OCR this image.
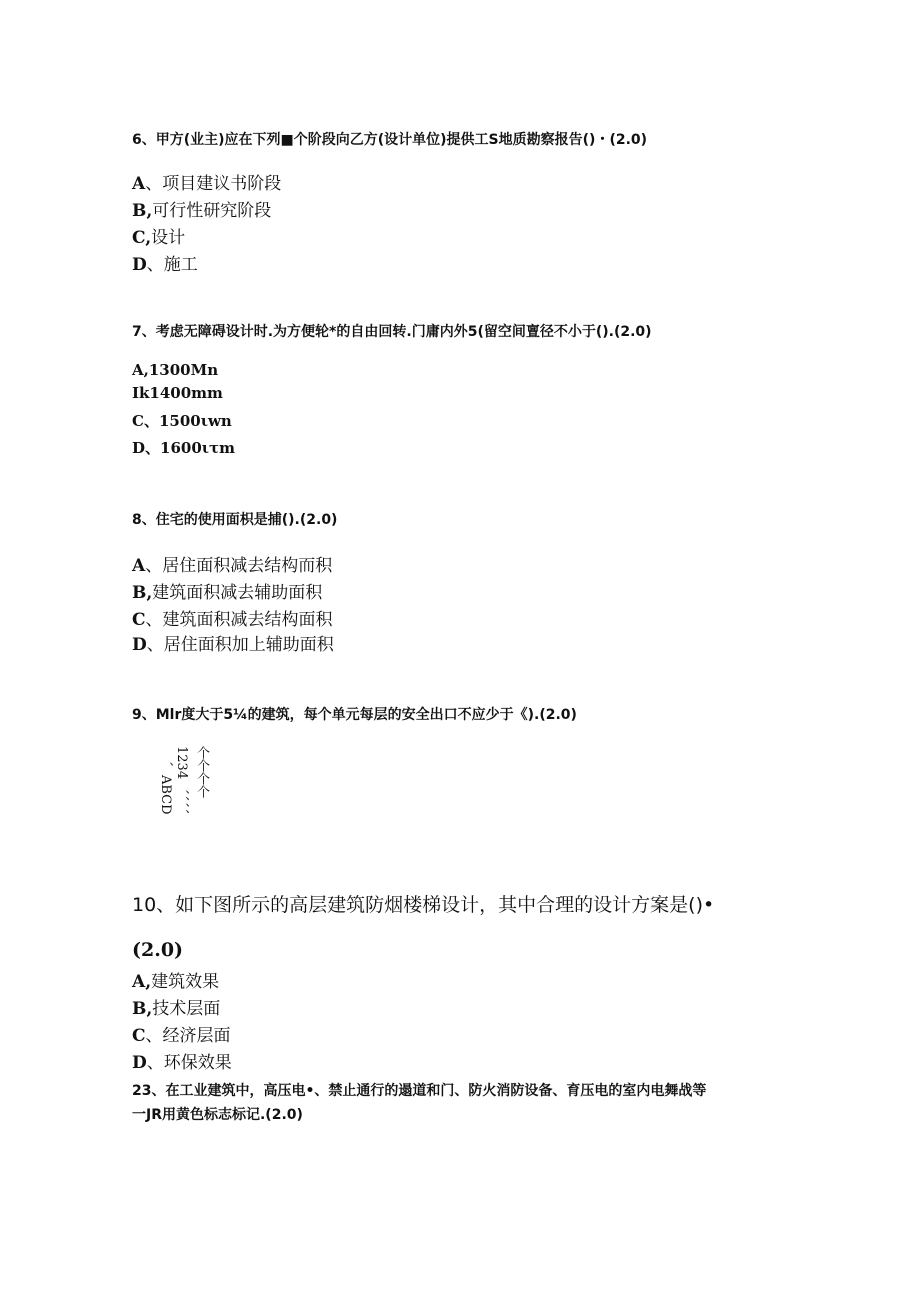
6、甲方(业主)应在下列■个阶段向乙方(设计单位)提供工S地质勘察报告()・(2.0)
A、项目建议书阶段
B,可行性研究阶段
C,设计
D、施工
7、考虑无障碍设计时.为方便轮*的自由回转.门庸内外5(留空间亶径不小于().(2.0)
A,1300Mn
Ik1400mm
C、1500ιwn
D、1600ιτm
8、住宅的使用面枳是捕().(2.0)
A、居住面积减去结构而积
B,建筑面积减去辅助面积
C、建筑面积减去结构面积
D、居住面积加上辅助面积
9、Mlr度大于5¼的建筑，每个单元每层的安全出口不应少于《).(2.0)
、ABCD 1234
、、、、
个个个个
10、如下图所示的高层建筑防烟楼梯设计，其中合理的设计方案是()•
(2.0)
A,建筑效果
B,技术层面
C、经济层面
D、环保效果
23、在工业建筑中，高压电•、禁止通行的遢道和门、防火消防设备、育压电的室内电舞战等
一JR用黄色标志标记.(2.0)
